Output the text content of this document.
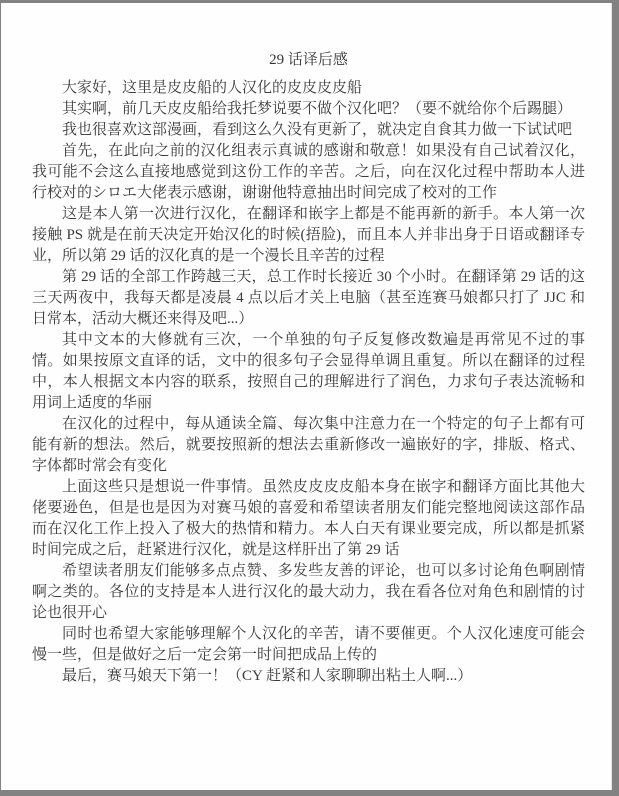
29 话译后感

大家好，这里是皮皮船的人汉化的皮皮皮皮船

其实啊，前几天皮皮船给我托梦说要不做个汉化吧？（要不就给你个后踢腿）

我也很喜欢这部漫画，看到这么久没有更新了，就决定自食其力做一下试试吧

首先，在此向之前的汉化组表示真诚的感谢和敬意！如果没有自己试着汉化，我可能不会这么直接地感觉到这份工作的辛苦。之后，向在汉化过程中帮助本人进行校对的シロエ大佬表示感谢，谢谢他特意抽出时间完成了校对的工作

这是本人第一次进行汉化，在翻译和嵌字上都是不能再新的新手。本人第一次接触 PS 就是在前天决定开始汉化的时候(捂脸)，而且本人并非出身于日语或翻译专业，所以第 29 话的汉化真的是一个漫长且辛苦的过程

第 29 话的全部工作跨越三天，总工作时长接近 30 个小时。在翻译第 29 话的这三天两夜中，我每天都是凌晨 4 点以后才关上电脑（甚至连赛马娘都只打了 JJC 和日常本，活动大概还来得及吧...）

其中文本的大修就有三次，一个单独的句子反复修改数遍是再常见不过的事情。如果按原文直译的话，文中的很多句子会显得单调且重复。所以在翻译的过程中，本人根据文本内容的联系，按照自己的理解进行了润色，力求句子表达流畅和用词上适度的华丽

在汉化的过程中，每从通读全篇、每次集中注意力在一个特定的句子上都有可能有新的想法。然后，就要按照新的想法去重新修改一遍嵌好的字，排版、格式、字体都时常会有变化

上面这些只是想说一件事情。虽然皮皮皮皮船本身在嵌字和翻译方面比其他大佬要逊色，但是也是因为对赛马娘的喜爱和希望读者朋友们能完整地阅读这部作品而在汉化工作上投入了极大的热情和精力。本人白天有课业要完成，所以都是抓紧时间完成之后，赶紧进行汉化，就是这样肝出了第 29 话

希望读者朋友们能够多点点赞、多发些友善的评论，也可以多讨论角色啊剧情啊之类的。各位的支持是本人进行汉化的最大动力，我在看各位对角色和剧情的讨论也很开心

同时也希望大家能够理解个人汉化的辛苦，请不要催更。个人汉化速度可能会慢一些，但是做好之后一定会第一时间把成品上传的

最后，赛马娘天下第一！（CY 赶紧和人家聊聊出粘土人啊...）
